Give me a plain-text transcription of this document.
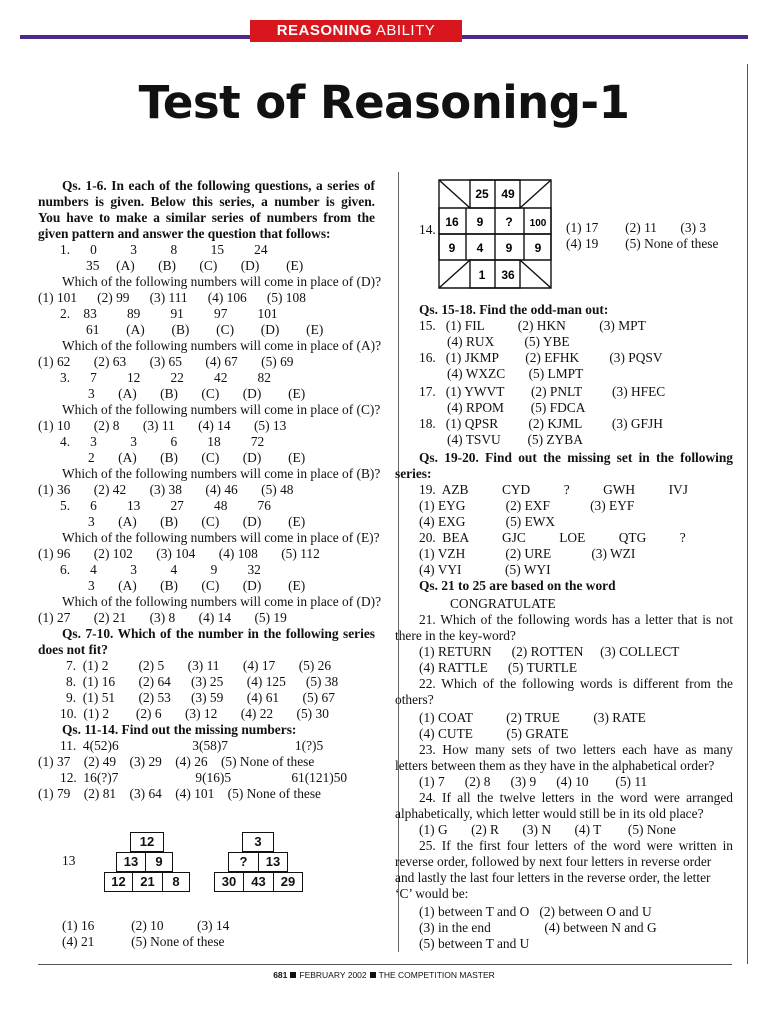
REASONING ABILITY
Test of Reasoning-1
Qs. 1-6. In each of the following questions, a series of
numbers is given. Below this series, a number is given.
You have to make a similar series of numbers from the
given pattern and answer the question that follows:
1.      0          3          8          15         24
35     (A)       (B)       (C)       (D)        (E)
Which of the following numbers will come in place of (D)?
(1) 101      (2) 99      (3) 111      (4) 106      (5) 108
2.    83         89         91         97         101
61        (A)        (B)        (C)        (D)        (E)
Which of the following numbers will come in place of (A)?
(1) 62       (2) 63       (3) 65       (4) 67       (5) 69
3.      7         12         22         42         82
3       (A)       (B)       (C)       (D)        (E)
Which of the following numbers will come in place of (C)?
(1) 10       (2) 8       (3) 11       (4) 14       (5) 13
4.      3          3          6         18         72
2       (A)       (B)       (C)       (D)        (E)
Which of the following numbers will come in place of (B)?
(1) 36       (2) 42       (3) 38       (4) 46       (5) 48
5.      6         13         27         48         76
3       (A)       (B)       (C)       (D)        (E)
Which of the following numbers will come in place of (E)?
(1) 96       (2) 102       (3) 104       (4) 108       (5) 112
6.      4          3          4          9         32
3       (A)       (B)       (C)       (D)        (E)
Which of the following numbers will come in place of (D)?
(1) 27       (2) 21       (3) 8       (4) 14       (5) 19
Qs. 7-10. Which of the number in the following series
does not fit?
7.  (1) 2         (2) 5       (3) 11       (4) 17       (5) 26
8.  (1) 16       (2) 64      (3) 25       (4) 125      (5) 38
9.  (1) 51       (2) 53      (3) 59       (4) 61       (5) 67
10.  (1) 2        (2) 6       (3) 12       (4) 22       (5) 30
Qs. 11-14. Find out the missing numbers:
11.  4(52)6                      3(58)7                    1(?)5
(1) 37    (2) 49    (3) 29    (4) 26    (5) None of these
12.  16(?)7                       9(16)5                  61(121)50
(1) 79    (2) 81    (3) 64    (4) 101    (5) None of these
13
(1) 16           (2) 10          (3) 14
(4) 21           (5) None of these
14.	(1) 17        (2) 11       (3) 3
(4) 19        (5) None of these
Qs. 15-18. Find the odd-man out:
15.   (1) FIL          (2) HKN          (3) MPT
(4) RUX         (5) YBE
16.   (1) JKMP        (2) EFHK         (3) PQSV
(4) WXZC       (5) LMPT
17.   (1) YWVT        (2) PNLT         (3) HFEC
(4) RPOM        (5) FDCA
18.   (1) QPSR         (2) KJML         (3) GFJH
(4) TSVU        (5) ZYBA
Qs. 19-20. Find out the missing set in the following
series:
19.  AZB          CYD          ?          GWH          IVJ
(1) EYG            (2) EXF            (3) EYF
(4) EXG            (5) EWX
20.  BEA          GJC          LOE          QTG          ?
(1) VZH            (2) URE            (3) WZI
(4) VYI             (5) WYI
Qs. 21 to 25 are based on the word
CONGRATULATE
21. Which of the following words has a letter that is not
there in the key-word?
(1) RETURN      (2) ROTTEN     (3) COLLECT
(4) RATTLE      (5) TURTLE
22. Which of the following words is different from the
others?
(1) COAT          (2) TRUE          (3) RATE
(4) CUTE          (5) GRATE
23. How many sets of two letters each have as many
letters between them as they have in the alphabetical order?
(1) 7      (2) 8      (3) 9      (4) 10        (5) 11
24. If all the twelve letters in the word were arranged
alphabetically, which letter would still be in its old place?
(1) G       (2) R       (3) N       (4) T        (5) None
25. If the first four letters of the word were written in
reverse order, followed by next four letters in reverse order
and lastly the last four letters in the reverse order, the letter
‘C’ would be:
(1) between T and O   (2) between O and U
(3) in the end                (4) between N and G
(5) between T and U
12
13	9
12	21	8
3
?	13
30	43	29
25 49
16 9 ? 100
9 4 9 9
1 36
681 FEBRUARY 2002 THE COMPETITION MASTER
